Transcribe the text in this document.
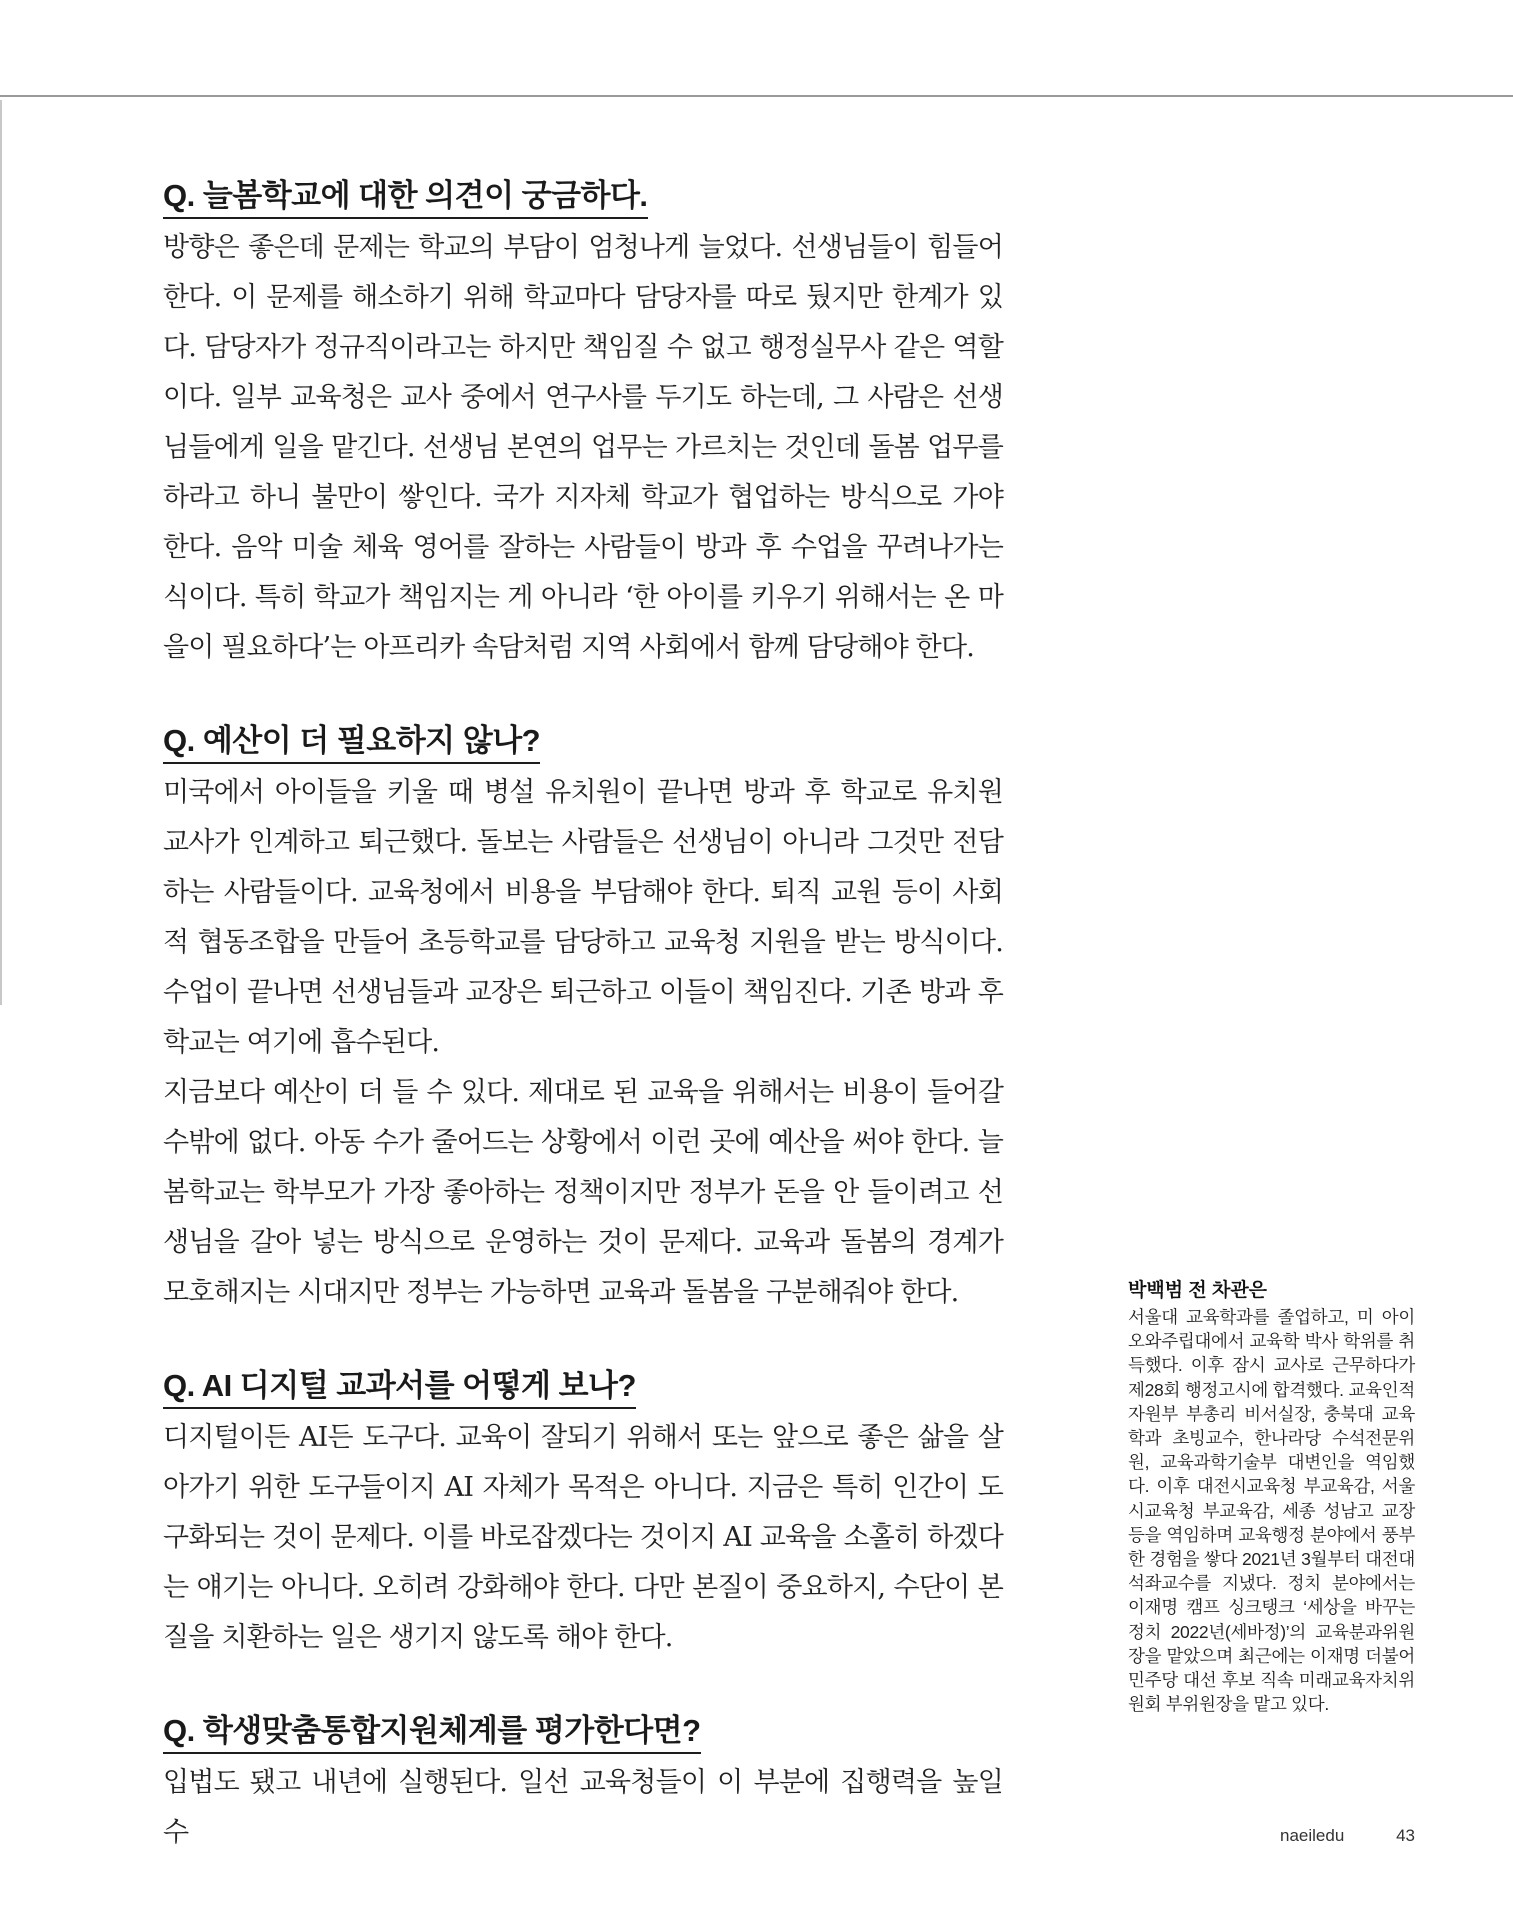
Q. 늘봄학교에 대한 의견이 궁금하다.

방향은 좋은데 문제는 학교의 부담이 엄청나게 늘었다. 선생님들이 힘들어 한다. 이 문제를 해소하기 위해 학교마다 담당자를 따로 뒀지만 한계가 있다. 담당자가 정규직이라고는 하지만 책임질 수 없고 행정실무사 같은 역할이다. 일부 교육청은 교사 중에서 연구사를 두기도 하는데, 그 사람은 선생님들에게 일을 맡긴다. 선생님 본연의 업무는 가르치는 것인데 돌봄 업무를 하라고 하니 불만이 쌓인다. 국가 지자체 학교가 협업하는 방식으로 가야 한다. 음악 미술 체육 영어를 잘하는 사람들이 방과 후 수업을 꾸려나가는 식이다. 특히 학교가 책임지는 게 아니라 ‘한 아이를 키우기 위해서는 온 마을이 필요하다’는 아프리카 속담처럼 지역 사회에서 함께 담당해야 한다.

Q. 예산이 더 필요하지 않나?

미국에서 아이들을 키울 때 병설 유치원이 끝나면 방과 후 학교로 유치원 교사가 인계하고 퇴근했다. 돌보는 사람들은 선생님이 아니라 그것만 전담하는 사람들이다. 교육청에서 비용을 부담해야 한다. 퇴직 교원 등이 사회적 협동조합을 만들어 초등학교를 담당하고 교육청 지원을 받는 방식이다. 수업이 끝나면 선생님들과 교장은 퇴근하고 이들이 책임진다. 기존 방과 후 학교는 여기에 흡수된다.

지금보다 예산이 더 들 수 있다. 제대로 된 교육을 위해서는 비용이 들어갈 수밖에 없다. 아동 수가 줄어드는 상황에서 이런 곳에 예산을 써야 한다. 늘봄학교는 학부모가 가장 좋아하는 정책이지만 정부가 돈을 안 들이려고 선생님을 갈아 넣는 방식으로 운영하는 것이 문제다. 교육과 돌봄의 경계가 모호해지는 시대지만 정부는 가능하면 교육과 돌봄을 구분해줘야 한다.

Q. AI 디지털 교과서를 어떻게 보나?

디지털이든 AI든 도구다. 교육이 잘되기 위해서 또는 앞으로 좋은 삶을 살아가기 위한 도구들이지 AI 자체가 목적은 아니다. 지금은 특히 인간이 도구화되는 것이 문제다. 이를 바로잡겠다는 것이지 AI 교육을 소홀히 하겠다는 얘기는 아니다. 오히려 강화해야 한다. 다만 본질이 중요하지, 수단이 본질을 치환하는 일은 생기지 않도록 해야 한다.

Q. 학생맞춤통합지원체계를 평가한다면?

입법도 됐고 내년에 실행된다. 일선 교육청들이 이 부분에 집행력을 높일 수

박백범 전 차관은

서울대 교육학과를 졸업하고, 미 아이오와주립대에서 교육학 박사 학위를 취득했다. 이후 잠시 교사로 근무하다가 제28회 행정고시에 합격했다. 교육인적자원부 부총리 비서실장, 충북대 교육학과 초빙교수, 한나라당 수석전문위원, 교육과학기술부 대변인을 역임했다. 이후 대전시교육청 부교육감, 서울시교육청 부교육감, 세종 성남고 교장 등을 역임하며 교육행정 분야에서 풍부한 경험을 쌓다 2021년 3월부터 대전대 석좌교수를 지냈다. 정치 분야에서는 이재명 캠프 싱크탱크 ‘세상을 바꾸는 정치 2022년(세바정)’의 교육분과위원장을 맡았으며 최근에는 이재명 더불어민주당 대선 후보 직속 미래교육자치위원회 부위원장을 맡고 있다.

naeiledu	43
